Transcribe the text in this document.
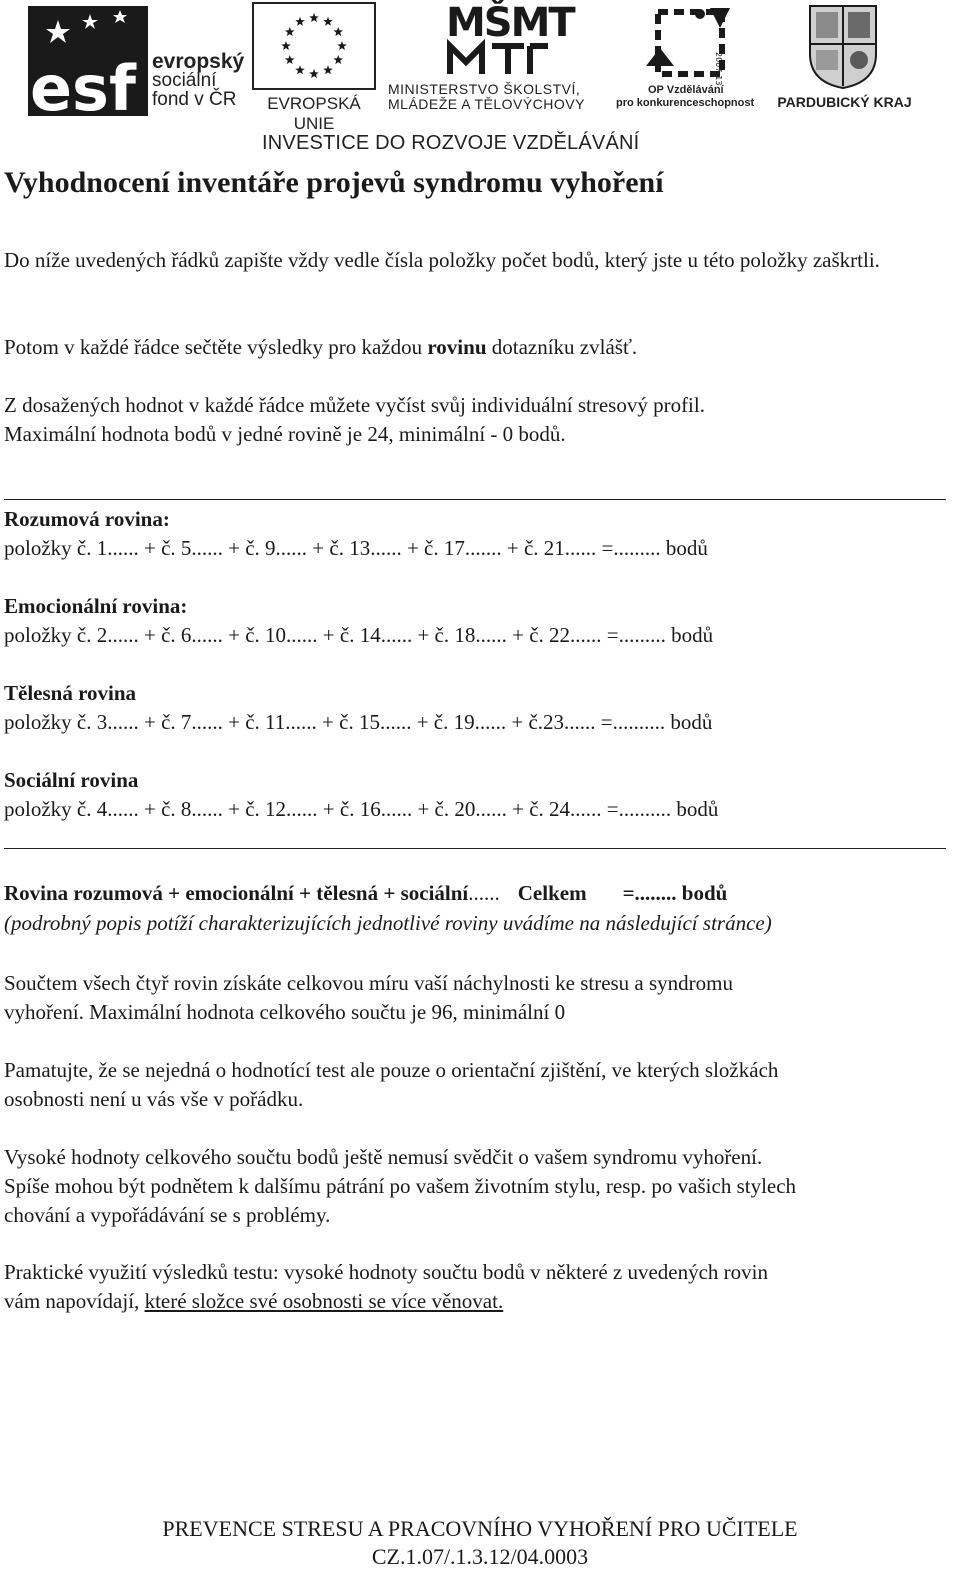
esf evropský
sociální
fond v ČR	EVROPSKÁ UNIE
MŠMT
MINISTERSTVO ŠKOLSTVÍ,
MLÁDEŽE A TĚLOVÝCHOVY
2007-13
OP Vzdělávání
pro konkurenceschopnost	PARDUBICKÝ KRAJ
INVESTICE DO ROZVOJE VZDĚLÁVÁNÍ
Vyhodnocení inventáře projevů syndromu vyhoření

Do níže uvedených řádků zapište vždy vedle čísla položky počet bodů, který jste u této položky zaškrtli.

Potom v každé řádce sečtěte výsledky pro každou rovinu dotazníku zvlášť.

Z dosažených hodnot v každé řádce můžete vyčíst svůj individuální stresový profil.
Maximální hodnota bodů v jedné rovině je 24, minimální - 0 bodů.

Rozumová rovina:
položky č. 1...... + č. 5...... + č. 9...... + č. 13...... + č. 17....... + č. 21...... =......... bodů
Emocionální rovina:
položky č. 2...... + č. 6...... + č. 10...... + č. 14...... + č. 18...... + č. 22...... =......... bodů
Tělesná rovina
položky č. 3...... + č. 7...... + č. 11...... + č. 15...... + č. 19...... + č.23...... =.......... bodů
Sociální rovina
položky č. 4...... + č. 8...... + č. 12...... + č. 16...... + č. 20...... + č. 24...... =.......... bodů
Rovina rozumová + emocionální + tělesná + sociální...... Celkem =........ bodů
(podrobný popis potíží charakterizujících jednotlivé roviny uvádíme na následující stránce)

Součtem všech čtyř rovin získáte celkovou míru vaší náchylnosti ke stresu a syndromu
vyhoření. Maximální hodnota celkového součtu je 96, minimální 0

Pamatujte, že se nejedná o hodnotící test ale pouze o orientační zjištění, ve kterých složkách
osobnosti není u vás vše v pořádku.

Vysoké hodnoty celkového součtu bodů ještě nemusí svědčit o vašem syndromu vyhoření.
Spíše mohou být podnětem k dalšímu pátrání po vašem životním stylu, resp. po vašich stylech
chování a vypořádávání se s problémy.

Praktické využití výsledků testu: vysoké hodnoty součtu bodů v některé z uvedených rovin
vám napovídají, které složce své osobnosti se více věnovat.

PREVENCE STRESU A PRACOVNÍHO VYHOŘENÍ PRO UČITELE
CZ.1.07/.1.3.12/04.0003
